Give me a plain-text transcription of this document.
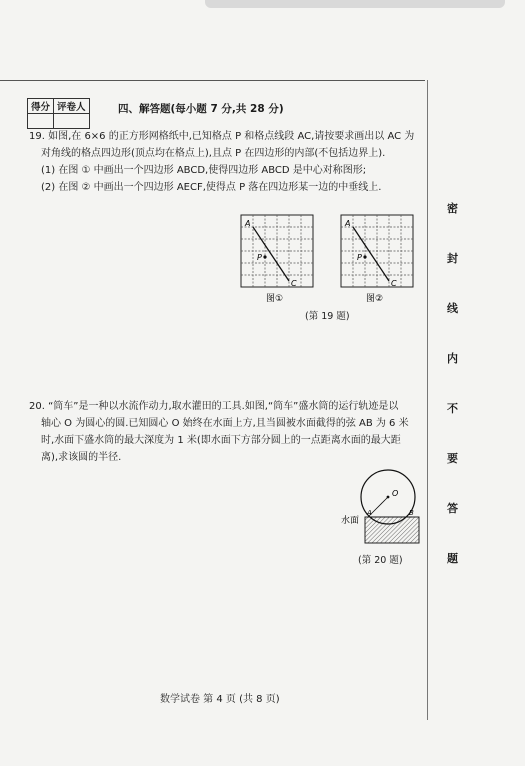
得分	评卷人
		四、解答题(每小题 7 分,共 28 分)

19. 如图,在 6×6 的正方形网格纸中,已知格点 P 和格点线段 AC,请按要求画出以 AC 为

对角线的格点四边形(顶点均在格点上),且点 P 在四边形的内部(不包括边界上).

(1) 在图 ① 中画出一个四边形 ABCD,使得四边形 ABCD 是中心对称图形;

(2) 在图 ② 中画出一个四边形 AECF,使得点 P 落在四边形某一边的中垂线上.

A
P
C
图①
A
P
C
图②
(第 19 题)

20. “筒车”是一种以水流作动力,取水灌田的工具.如图,“筒车”盛水筒的运行轨迹是以

轴心 O 为圆心的圆.已知圆心 O 始终在水面上方,且当圆被水面截得的弦 AB 为 6 米

时,水面下盛水筒的最大深度为 1 米(即水面下方部分圆上的一点距离水面的最大距

离),求该圆的半径.

O
A	B
水面
(第 20 题)
密
封
线
内
不
要
答
题
数学试卷 第 4 页 (共 8 页)
